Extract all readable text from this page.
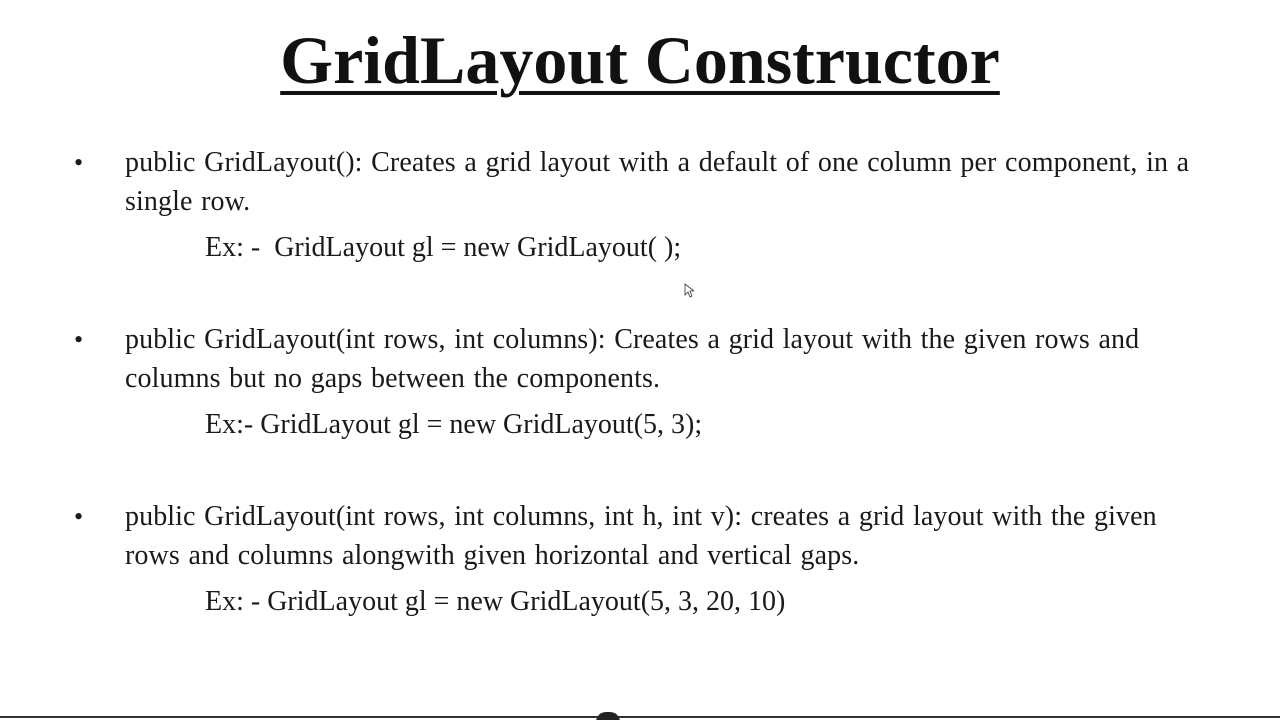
GridLayout Constructor
• public GridLayout(): Creates a grid layout with a default of one column per component, in a single row.

Ex: -  GridLayout gl = new GridLayout( );

• public GridLayout(int rows, int columns): Creates a grid layout with the given rows and columns but no gaps between the components.

Ex:- GridLayout gl = new GridLayout(5, 3);

• public GridLayout(int rows, int columns, int h, int v): creates a grid layout with the given rows and columns alongwith given horizontal and vertical gaps.

Ex: - GridLayout gl = new GridLayout(5, 3, 20, 10)
